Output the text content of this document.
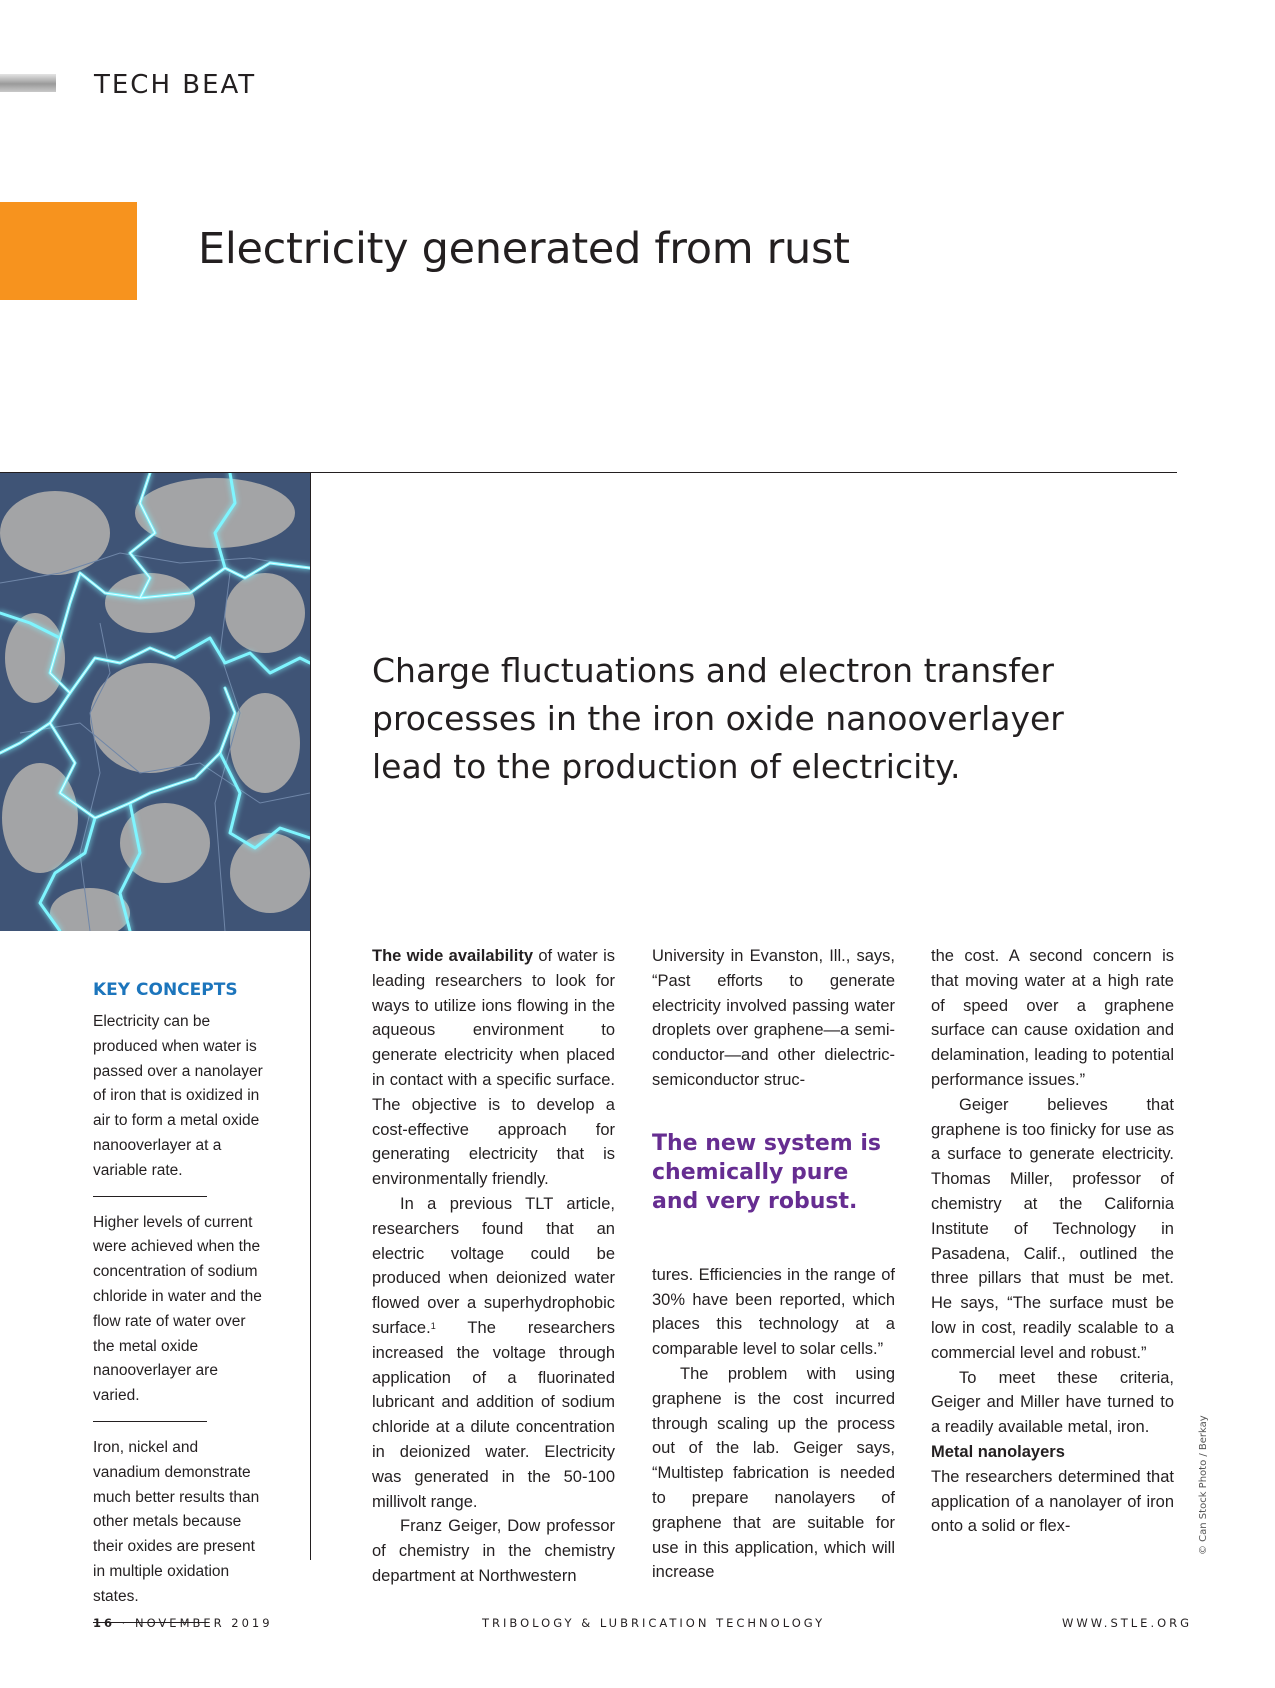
TECH BEAT
Electricity generated from rust
Charge fluctuations and electron transfer processes in the iron oxide nanooverlayer lead to the production of electricity.
KEY CONCEPTS
Electricity can be produced when water is passed over a nanolayer of iron that is oxidized in air to form a metal oxide nanooverlayer at a variable rate.
Higher levels of current were achieved when the concentration of sodium chloride in water and the flow rate of water over the metal oxide nanooverlayer are varied.
Iron, nickel and vanadium demonstrate much better results than other metals because their oxides are present in multiple oxidation states.

The wide availability of water is leading researchers to look for ways to utilize ions flowing in the aqueous environment to generate electricity when placed in contact with a specific surface. The objective is to develop a cost-effective approach for generating electricity that is environmentally friendly.

In a previous TLT article, researchers found that an electric voltage could be produced when deionized water flowed over a superhydrophobic surface.$^1$ The researchers increased the voltage through application of a fluorinated lubricant and addition of sodium chloride at a dilute concentration in deionized water. Electricity was generated in the 50-100 millivolt range.

Franz Geiger, Dow professor of chemistry in the chemistry department at Northwestern

University in Evanston, Ill., says, “Past efforts to generate electricity involved passing water droplets over graphene—a semi-conductor—and other dielectric-semiconductor struc-

The new system is chemically pure and very robust.

tures. Efficiencies in the range of 30% have been reported, which places this technology at a comparable level to solar cells.”

The problem with using graphene is the cost incurred through scaling up the process out of the lab. Geiger says, “Multistep fabrication is needed to prepare nanolayers of graphene that are suitable for use in this application, which will increase

the cost. A second concern is that moving water at a high rate of speed over a graphene surface can cause oxidation and delamination, leading to potential performance issues.”

Geiger believes that graphene is too finicky for use as a surface to generate electricity. Thomas Miller, professor of chemistry at the California Institute of Technology in Pasadena, Calif., outlined the three pillars that must be met. He says, “The surface must be low in cost, readily scalable to a commercial level and robust.”

To meet these criteria, Geiger and Miller have turned to a readily available metal, iron.

Metal nanolayers

The researchers determined that application of a nanolayer of iron onto a solid or flex-	© Can Stock Photo / Berkay
16 · NOVEMBER 2019	TRIBOLOGY & LUBRICATION TECHNOLOGY	WWW.STLE.ORG
